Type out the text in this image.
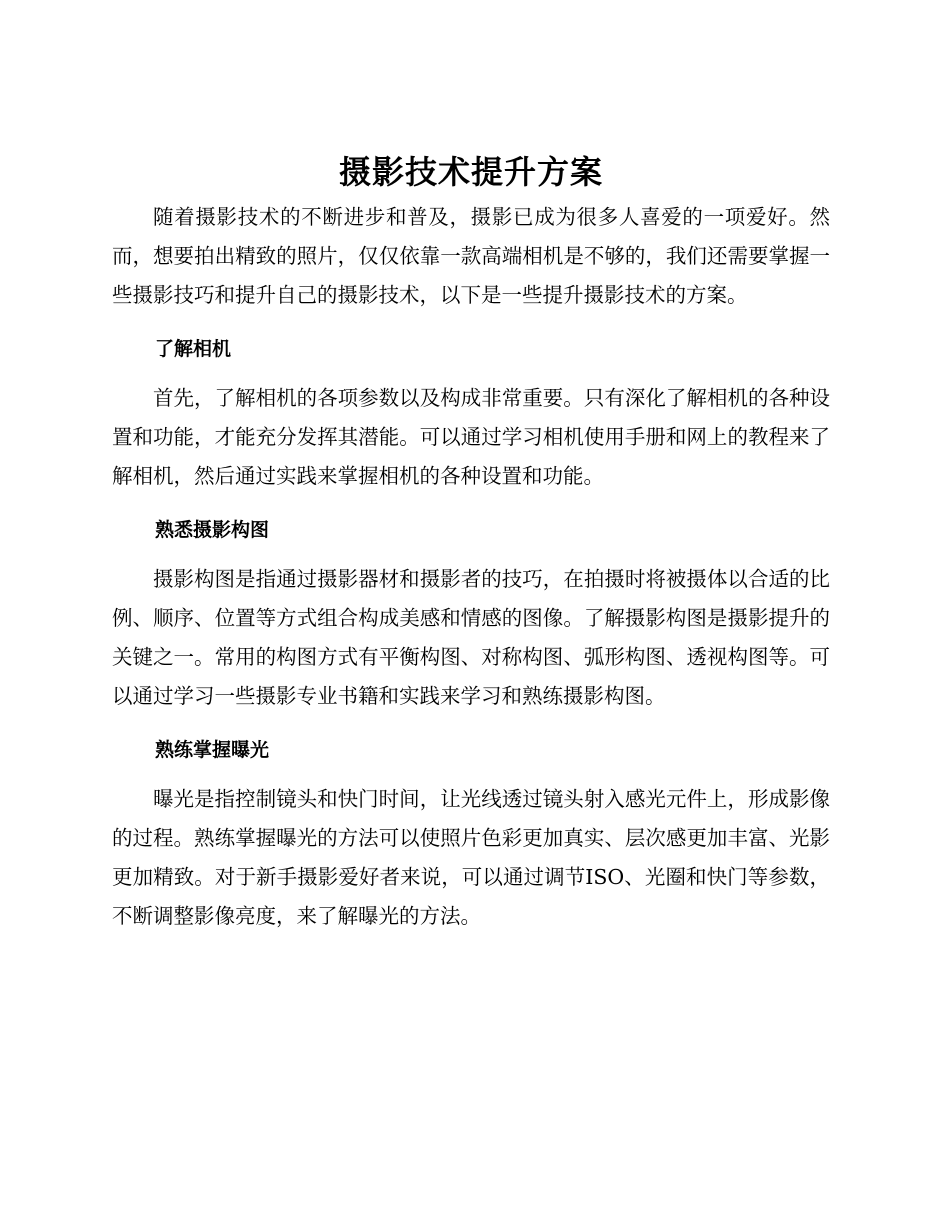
摄影技术提升方案

随着摄影技术的不断进步和普及，摄影已成为很多人喜爱的一项爱好。然而，想要拍出精致的照片，仅仅依靠一款高端相机是不够的，我们还需要掌握一些摄影技巧和提升自己的摄影技术，以下是一些提升摄影技术的方案。

了解相机

首先，了解相机的各项参数以及构成非常重要。只有深化了解相机的各种设置和功能，才能充分发挥其潜能。可以通过学习相机使用手册和网上的教程来了解相机，然后通过实践来掌握相机的各种设置和功能。

熟悉摄影构图

摄影构图是指通过摄影器材和摄影者的技巧，在拍摄时将被摄体以合适的比例、顺序、位置等方式组合构成美感和情感的图像。了解摄影构图是摄影提升的关键之一。常用的构图方式有平衡构图、对称构图、弧形构图、透视构图等。可以通过学习一些摄影专业书籍和实践来学习和熟练摄影构图。

熟练掌握曝光

曝光是指控制镜头和快门时间，让光线透过镜头射入感光元件上，形成影像的过程。熟练掌握曝光的方法可以使照片色彩更加真实、层次感更加丰富、光影更加精致。对于新手摄影爱好者来说，可以通过调节ISO、光圈和快门等参数，不断调整影像亮度，来了解曝光的方法。
